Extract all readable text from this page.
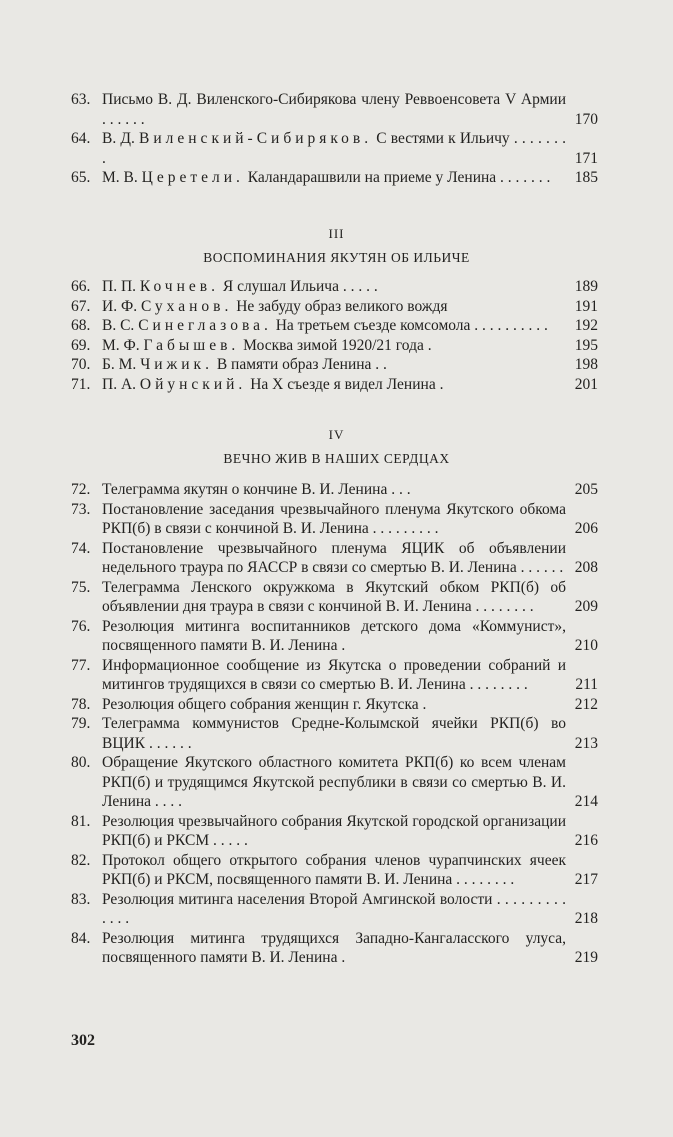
63. Письмо В. Д. Виленского-Сибирякова члену Реввоенсовета V Армии . . . . . .	170
64. В. Д. Виленский-Сибиряков. С вестями к Ильичу . . . . . . . .	171
65. М. В. Церетели. Каландарашвили на приеме у Ленина . . . . . . .	185
III
ВОСПОМИНАНИЯ ЯКУТЯН ОБ ИЛЬИЧЕ
66. П. П. Кочнев. Я слушал Ильича . . . . .	189
67. И. Ф. Суханов. Не забуду образ великого вождя	191
68. В. С. Синеглазова. На третьем съезде комсомола . . . . . . . . . .	192
69. М. Ф. Габышев. Москва зимой 1920/21 года .	195
70. Б. М. Чижик. В памяти образ Ленина . .	198
71. П. А. Ойунский. На X съезде я видел Ленина .	201
IV
ВЕЧНО ЖИВ В НАШИХ СЕРДЦАХ
72. Телеграмма якутян о кончине В. И. Ленина . . .	205
73. Постановление заседания чрезвычайного пленума Якутского обкома РКП(б) в связи с кончиной В. И. Ленина . . . . . . . . .	206
74. Постановление чрезвычайного пленума ЯЦИК об объявлении недельного траура по ЯАССР в связи со смертью В. И. Ленина . . . . . . 208
75. Телеграмма Ленского окружкома в Якутский обком РКП(б) об объявлении дня траура в связи с кончиной В. И. Ленина . . . . . . . .	209
76. Резолюция митинга воспитанников детского дома «Коммунист», посвященного памяти В. И. Ленина .	210
77. Информационное сообщение из Якутска о проведении собраний и митингов трудящихся в связи со смертью В. И. Ленина . . . . . . . .	211
78. Резолюция общего собрания женщин г. Якутска .	212
79. Телеграмма коммунистов Средне-Колымской ячейки РКП(б) во ВЦИК . . . . . .	213
80. Обращение Якутского областного комитета РКП(б) ко всем членам РКП(б) и трудящимся Якутской республики в связи со смертью В. И. Ленина . . . .	214
81. Резолюция чрезвычайного собрания Якутской городской организации РКП(б) и РКСМ . . . . .	216
82. Протокол общего открытого собрания членов чурапчинских ячеек РКП(б) и РКСМ, посвященного памяти В. И. Ленина . . . . . . . .	217
83. Резолюция митинга населения Второй Амгинской волости . . . . . . . . . . . . .	218
84. Резолюция митинга трудящихся Западно-Кангаласского улуса, посвященного памяти В. И. Ленина .	219
302
